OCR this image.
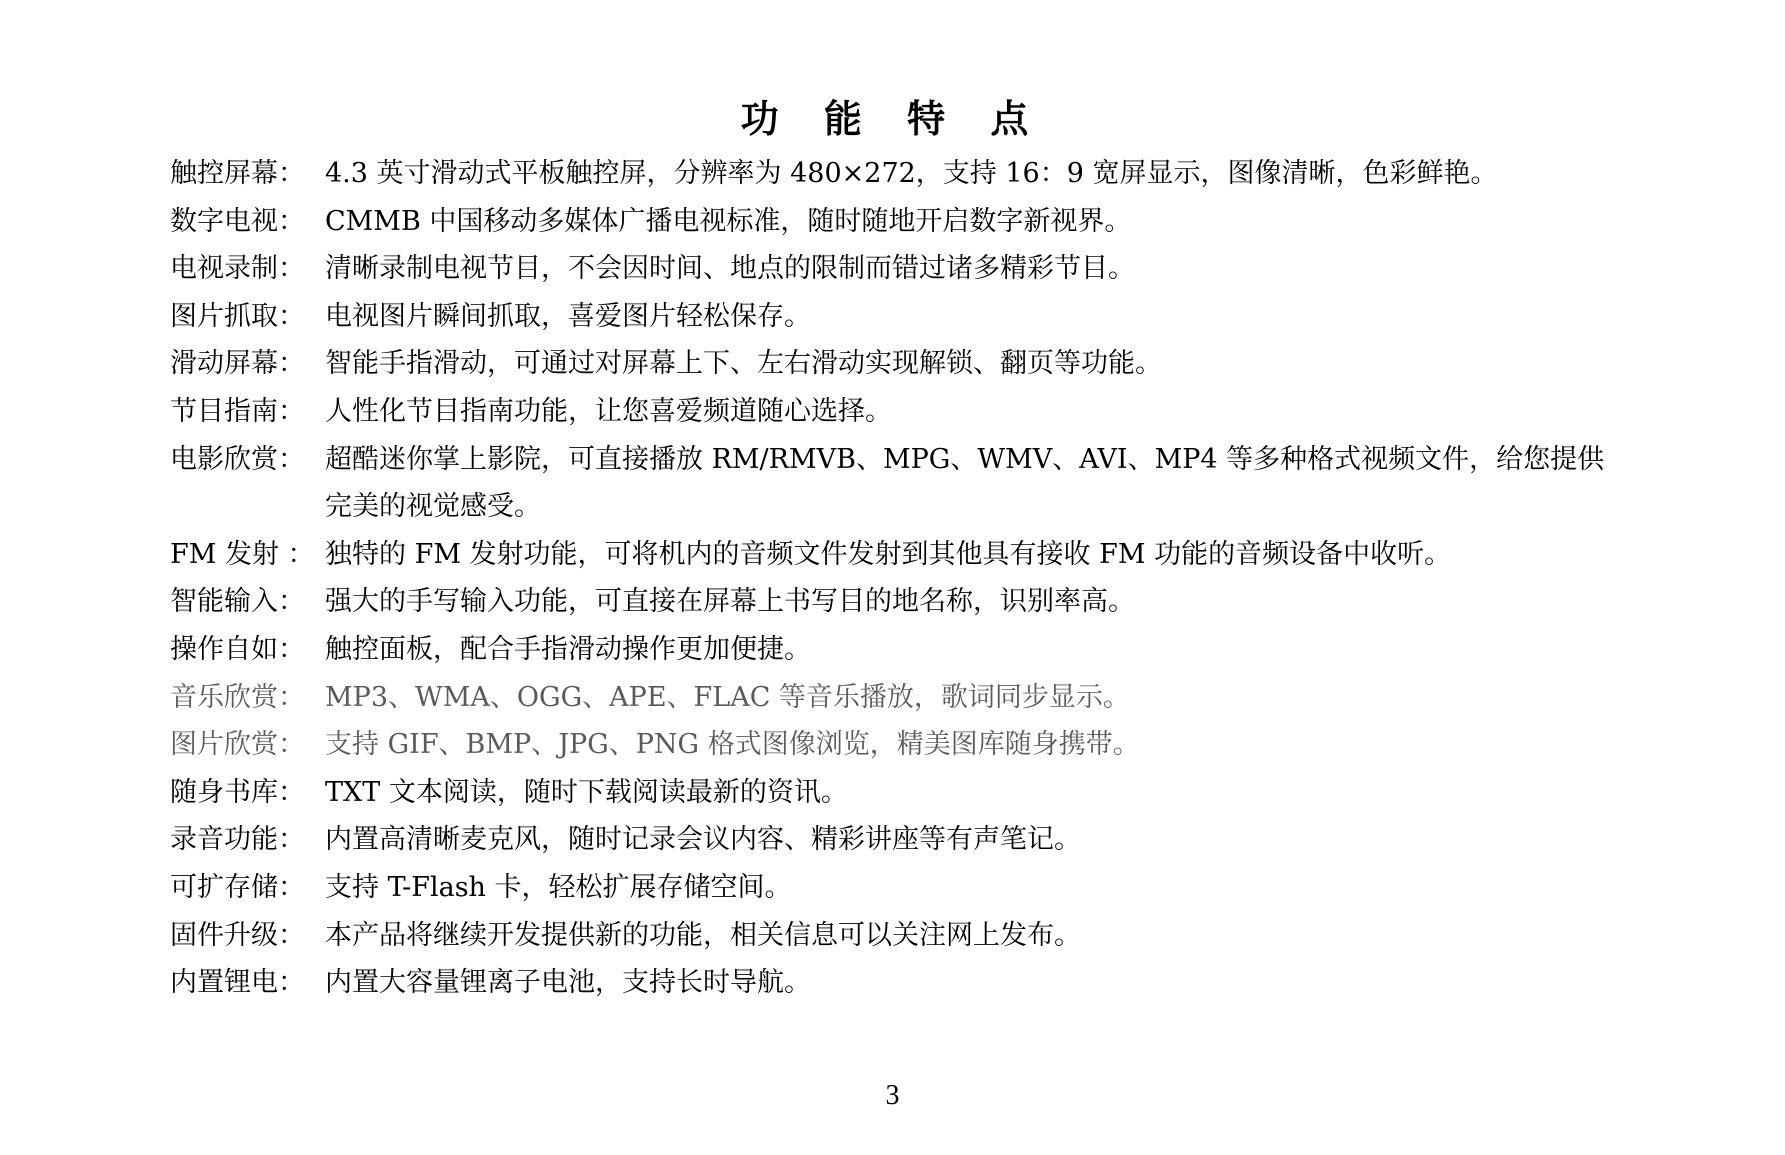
功 能 特 点
触控屏幕： 4.3 英寸滑动式平板触控屏，分辨率为 480×272，支持 16：9 宽屏显示，图像清晰，色彩鲜艳。
数字电视： CMMB 中国移动多媒体广播电视标准，随时随地开启数字新视界。
电视录制： 清晰录制电视节目，不会因时间、地点的限制而错过诸多精彩节目。
图片抓取： 电视图片瞬间抓取，喜爱图片轻松保存。
滑动屏幕： 智能手指滑动，可通过对屏幕上下、左右滑动实现解锁、翻页等功能。
节目指南： 人性化节目指南功能，让您喜爱频道随心选择。
电影欣赏： 超酷迷你掌上影院，可直接播放 RM/RMVB、MPG、WMV、AVI、MP4 等多种格式视频文件，给您提供完美的视觉感受。
FM 发射 ： 独特的 FM 发射功能，可将机内的音频文件发射到其他具有接收 FM 功能的音频设备中收听。
智能输入： 强大的手写输入功能，可直接在屏幕上书写目的地名称，识别率高。
操作自如： 触控面板，配合手指滑动操作更加便捷。
音乐欣赏： MP3、WMA、OGG、APE、FLAC 等音乐播放，歌词同步显示。
图片欣赏： 支持 GIF、BMP、JPG、PNG 格式图像浏览，精美图库随身携带。
随身书库： TXT 文本阅读，随时下载阅读最新的资讯。
录音功能： 内置高清晰麦克风，随时记录会议内容、精彩讲座等有声笔记。
可扩存储： 支持 T-Flash 卡，轻松扩展存储空间。
固件升级： 本产品将继续开发提供新的功能，相关信息可以关注网上发布。
内置锂电： 内置大容量锂离子电池，支持长时导航。
3
